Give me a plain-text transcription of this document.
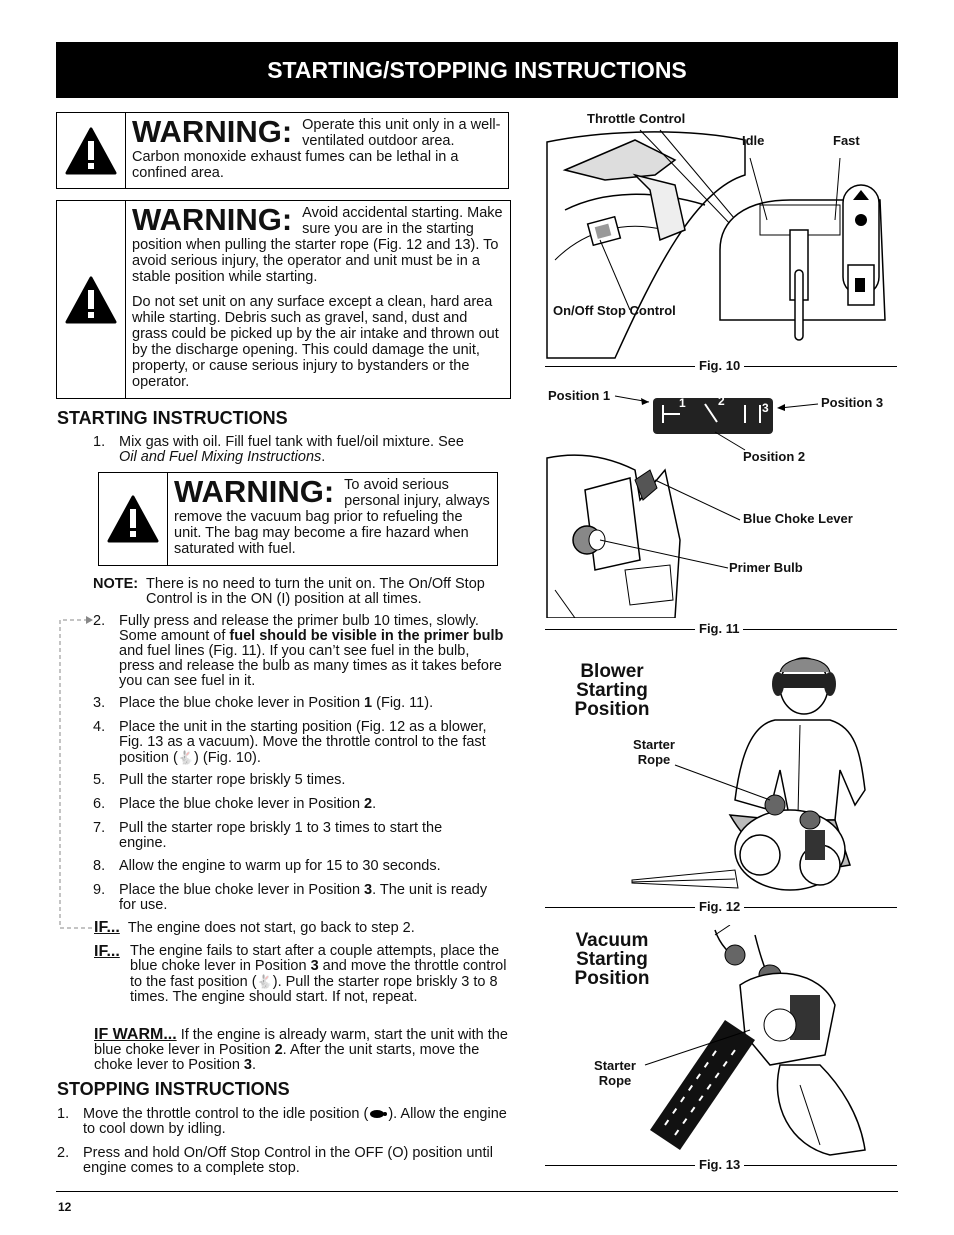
STARTING/STOPPING INSTRUCTIONS
WARNING: Operate this unit only in a well- ventilated outdoor area. Carbon monoxide exhaust fumes can be lethal in a confined area.
WARNING: Avoid accidental starting. Make sure you are in the starting position when pulling the starter rope (Fig. 12 and 13). To avoid serious injury, the operator and unit must be in a stable position while starting.
Do not set unit on any surface except a clean, hard area while starting. Debris such as gravel, sand, dust and grass could be picked up by the air intake and thrown out by the discharge opening. This could damage the unit, property, or cause serious injury to bystanders or the operator.
STARTING INSTRUCTIONS
1. Mix gas with oil. Fill fuel tank with fuel/oil mixture. See
Oil and Fuel Mixing Instructions.
WARNING: To avoid serious personal injury, always remove the vacuum bag prior to refueling the unit. The bag may become a fire hazard when saturated with fuel.
NOTE: There is no need to turn the unit on. The On/Off Stop Control is in the ON (I) position at all times.
2. Fully press and release the primer bulb 10 times, slowly. Some amount of fuel should be visible in the primer bulb and fuel lines (Fig. 11). If you can’t see fuel in the bulb, press and release the bulb as many times as it takes before you can see fuel in it.
3. Place the blue choke lever in Position 1 (Fig. 11).
4. Place the unit in the starting position (Fig. 12 as a blower, Fig. 13 as a vacuum). Move the throttle control to the fast position (🐇) (Fig. 10).
5. Pull the starter rope briskly 5 times.
6. Place the blue choke lever in Position 2.
7. Pull the starter rope briskly 1 to 3 times to start the engine.
8. Allow the engine to warm up for 15 to 30 seconds.
9. Place the blue choke lever in Position 3. The unit is ready for use.
IF... The engine does not start, go back to step 2.
IF... The engine fails to start after a couple attempts, place the blue choke lever in Position 3 and move the throttle control to the fast position (🐇). Pull the starter rope briskly 3 to 8 times. The engine should start. If not, repeat.
IF WARM... If the engine is already warm, start the unit with the blue choke lever in Position 2. After the unit starts, move the choke lever to Position 3.
STOPPING INSTRUCTIONS
1. Move the throttle control to the idle position ( ). Allow the engine to cool down by idling.
2. Press and hold On/Off Stop Control in the OFF (O) position until engine comes to a complete stop.
Throttle Control
Idle	Fast
On/Off Stop Control
Fig. 10
Position 1	Position 3
Position 2
1	2	3
Blue Choke Lever
Primer Bulb
Fig. 11
Blower
Starting
Position
Starter
Rope
Fig. 12
Vacuum
Starting
Position
Starter
Rope
Fig. 13
12
